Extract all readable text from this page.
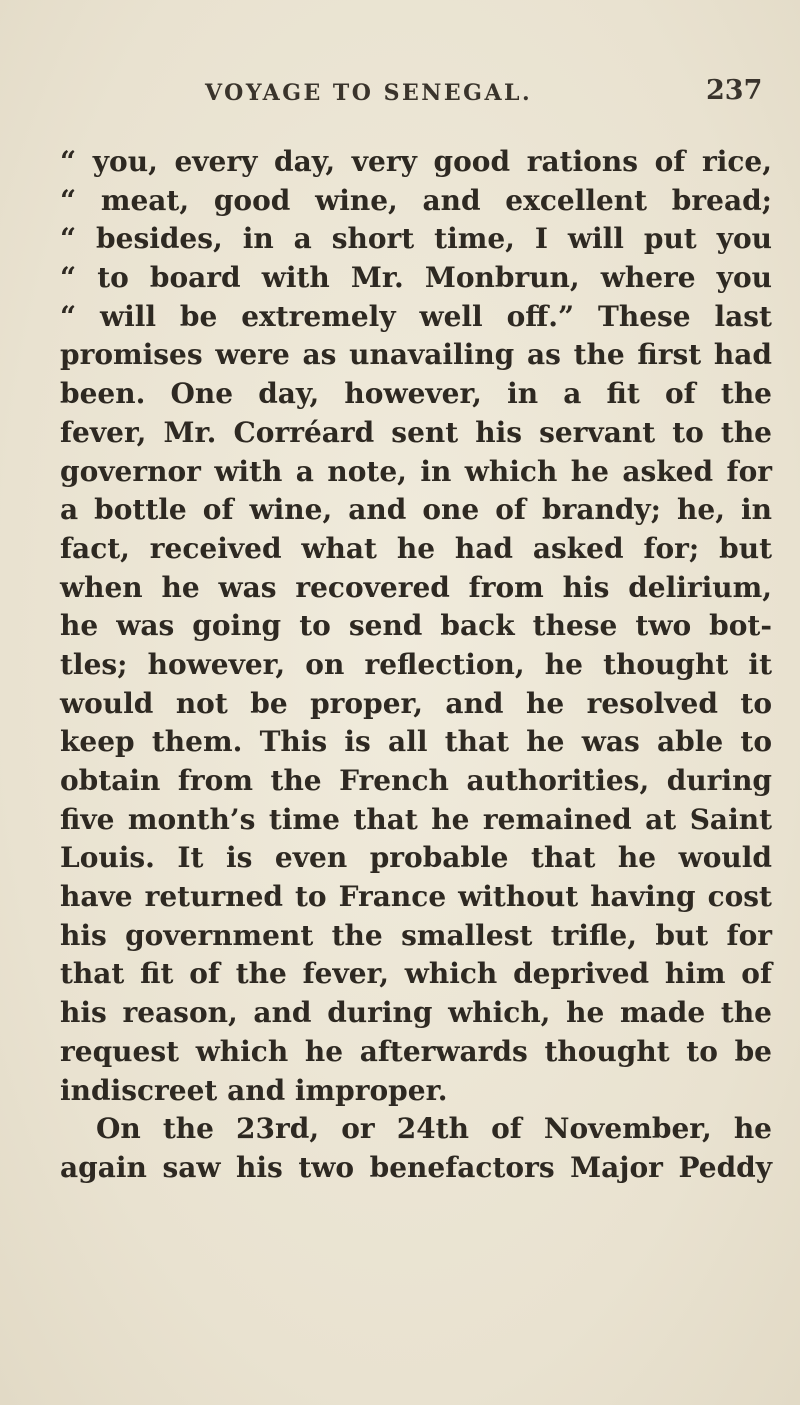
VOYAGE TO SENEGAL.	237
“ you, every day, very good rations of rice,
“ meat, good wine, and excellent bread;
“ besides, in a short time, I will put you
“ to board with Mr. Monbrun, where you
“ will be extremely well off.” These last
promises were as unavailing as the first had
been. One day, however, in a fit of the
fever, Mr. Corréard sent his servant to the
governor with a note, in which he asked for
a bottle of wine, and one of brandy; he, in
fact, received what he had asked for; but
when he was recovered from his delirium,
he was going to send back these two bot-
tles; however, on reflection, he thought it
would not be proper, and he resolved to
keep them. This is all that he was able to
obtain from the French authorities, during
five month’s time that he remained at Saint
Louis. It is even probable that he would
have returned to France without having cost
his government the smallest trifle, but for
that fit of the fever, which deprived him of
his reason, and during which, he made the
request which he afterwards thought to be
indiscreet and improper.
On the 23rd, or 24th of November, he
again saw his two benefactors Major Peddy
